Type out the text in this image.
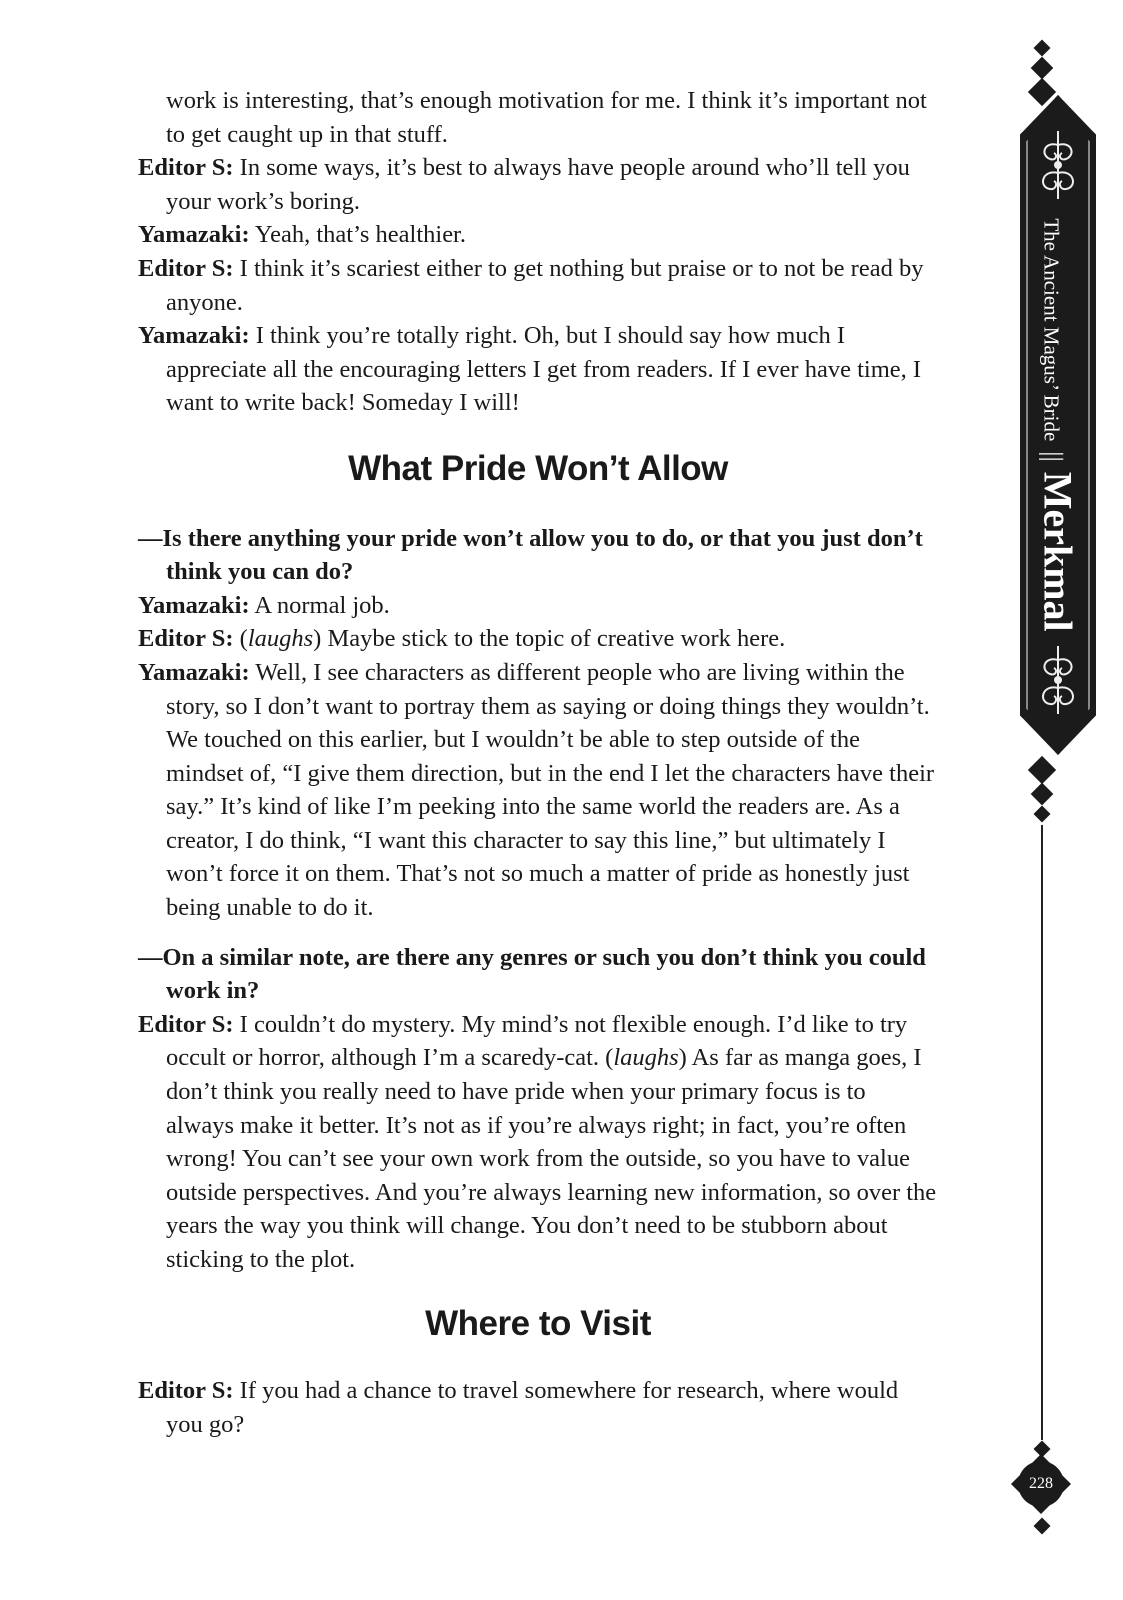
work is interesting, that’s enough motivation for me. I think it’s important not to get caught up in that stuff.

Editor S: In some ways, it’s best to always have people around who’ll tell you your work’s boring.

Yamazaki: Yeah, that’s healthier.

Editor S: I think it’s scariest either to get nothing but praise or to not be read by anyone.

Yamazaki: I think you’re totally right. Oh, but I should say how much I appreciate all the encouraging letters I get from readers. If I ever have time, I want to write back! Someday I will!

What Pride Won’t Allow

—Is there anything your pride won’t allow you to do, or that you just don’t think you can do?

Yamazaki: A normal job.

Editor S: (laughs) Maybe stick to the topic of creative work here.

Yamazaki: Well, I see characters as different people who are living within the story, so I don’t want to portray them as saying or doing things they wouldn’t. We touched on this earlier, but I wouldn’t be able to step outside of the mindset of, “I give them direction, but in the end I let the characters have their say.” It’s kind of like I’m peeking into the same world the readers are. As a creator, I do think, “I want this character to say this line,” but ultimately I won’t force it on them. That’s not so much a matter of pride as honestly just being unable to do it.

—On a similar note, are there any genres or such you don’t think you could work in?

Editor S: I couldn’t do mystery. My mind’s not flexible enough. I’d like to try occult or horror, although I’m a scaredy-cat. (laughs) As far as manga goes, I don’t think you really need to have pride when your primary focus is to always make it better. It’s not as if you’re always right; in fact, you’re often wrong! You can’t see your own work from the outside, so you have to value outside perspectives. And you’re always learning new information, so over the years the way you think will change. You don’t need to be stubborn about sticking to the plot.

Where to Visit

Editor S: If you had a chance to travel somewhere for research, where would you go?

The Ancient Magus’ Bride||Merkmal
228
